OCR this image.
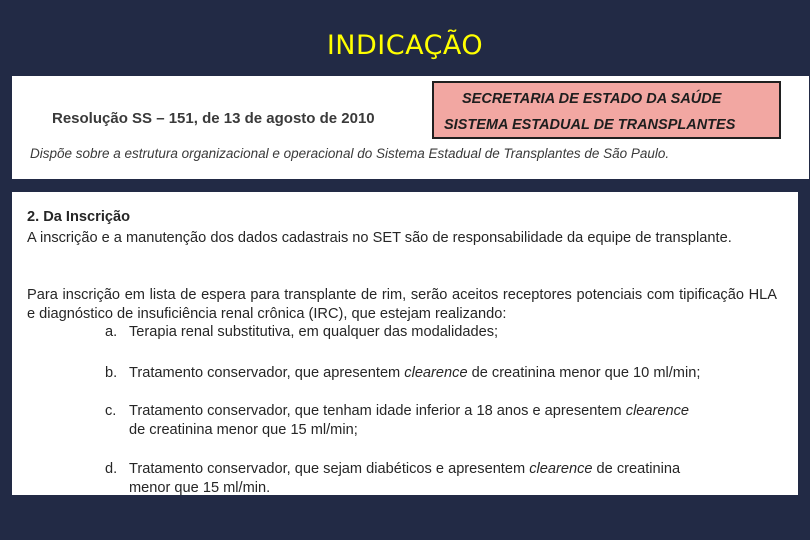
INDICAÇÃO
Resolução SS – 151, de 13 de agosto de 2010
SECRETARIA DE ESTADO DA SAÚDE
SISTEMA ESTADUAL DE TRANSPLANTES
Dispõe sobre a estrutura organizacional e operacional do Sistema Estadual de Transplantes de São Paulo.
2. Da Inscrição
A inscrição e a manutenção dos dados cadastrais no SET são de responsabilidade da equipe de transplante.
Para inscrição em lista de espera para transplante de rim, serão aceitos receptores potenciais com tipificação HLA e diagnóstico de insuficiência renal crônica (IRC), que estejam realizando:
a. Terapia renal substitutiva, em qualquer das modalidades;
b. Tratamento conservador, que apresentem clearence de creatinina menor que 10 ml/min;
c. Tratamento conservador, que tenham idade inferior a 18 anos e apresentem clearence
de creatinina menor que 15 ml/min;
d. Tratamento conservador, que sejam diabéticos e apresentem clearence de creatinina
menor que 15 ml/min.
